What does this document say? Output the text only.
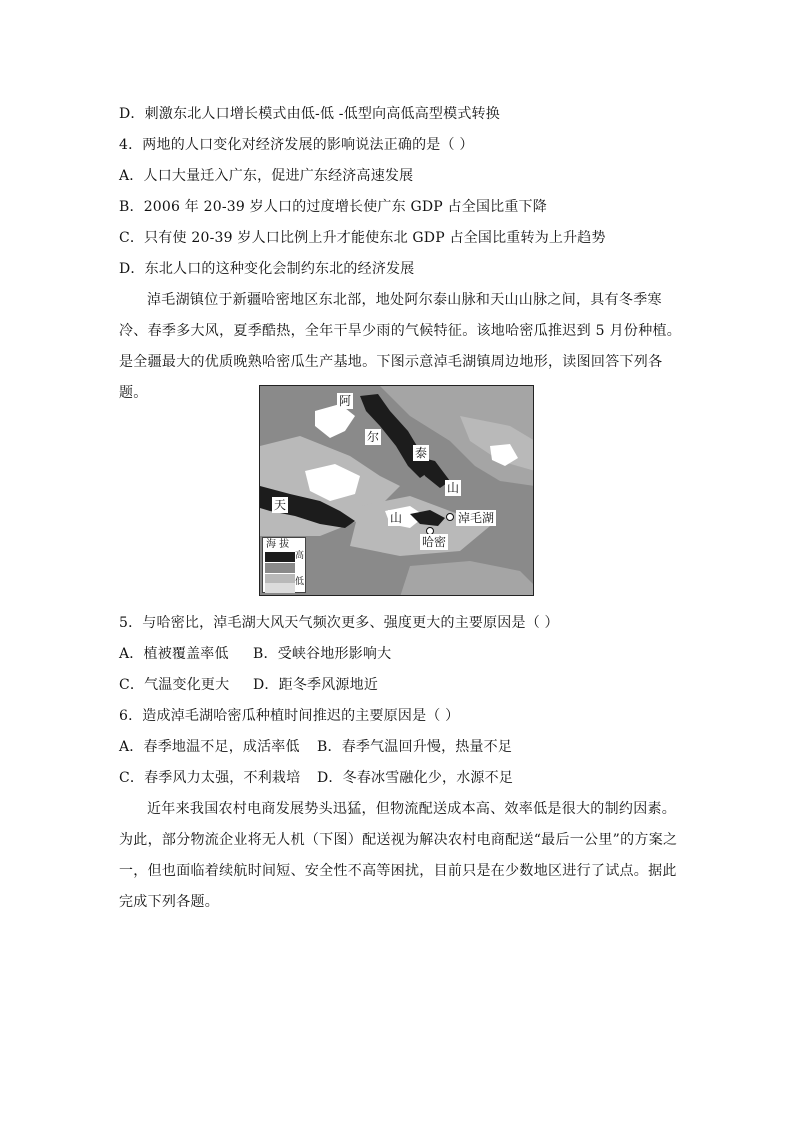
D．刺激东北人口增长模式由低-低 -低型向高低高型模式转换
4．两地的人口变化对经济发展的影响说法正确的是（ ）
A．人口大量迁入广东，促进广东经济高速发展
B．2006 年 20-39 岁人口的过度增长使广东 GDP 占全国比重下降
C．只有使 20-39 岁人口比例上升才能使东北 GDP 占全国比重转为上升趋势
D．东北人口的这种变化会制约东北的经济发展
淖毛湖镇位于新疆哈密地区东北部，地处阿尔泰山脉和天山山脉之间，具有冬季寒冷、春季多大风，夏季酷热，全年干旱少雨的气候特征。该地哈密瓜推迟到 5 月份种植。是全疆最大的优质晚熟哈密瓜生产基地。下图示意淖毛湖镇周边地形，读图回答下列各题。	阿
尔
泰
山
天
山	淖毛湖
哈密
海 拔
高
低
5．与哈密比，淖毛湖大风天气频次更多、强度更大的主要原因是（ ）
A．植被覆盖率低 B．受峡谷地形影响大
C．气温变化更大 D．距冬季风源地近
6．造成淖毛湖哈密瓜种植时间推迟的主要原因是（ ）
A．春季地温不足，成活率低 B．春季气温回升慢，热量不足
C．春季风力太强，不利栽培 D．冬春冰雪融化少，水源不足
近年来我国农村电商发展势头迅猛，但物流配送成本高、效率低是很大的制约因素。为此，部分物流企业将无人机（下图）配送视为解决农村电商配送“最后一公里”的方案之一，但也面临着续航时间短、安全性不高等困扰，目前只是在少数地区进行了试点。据此完成下列各题。
